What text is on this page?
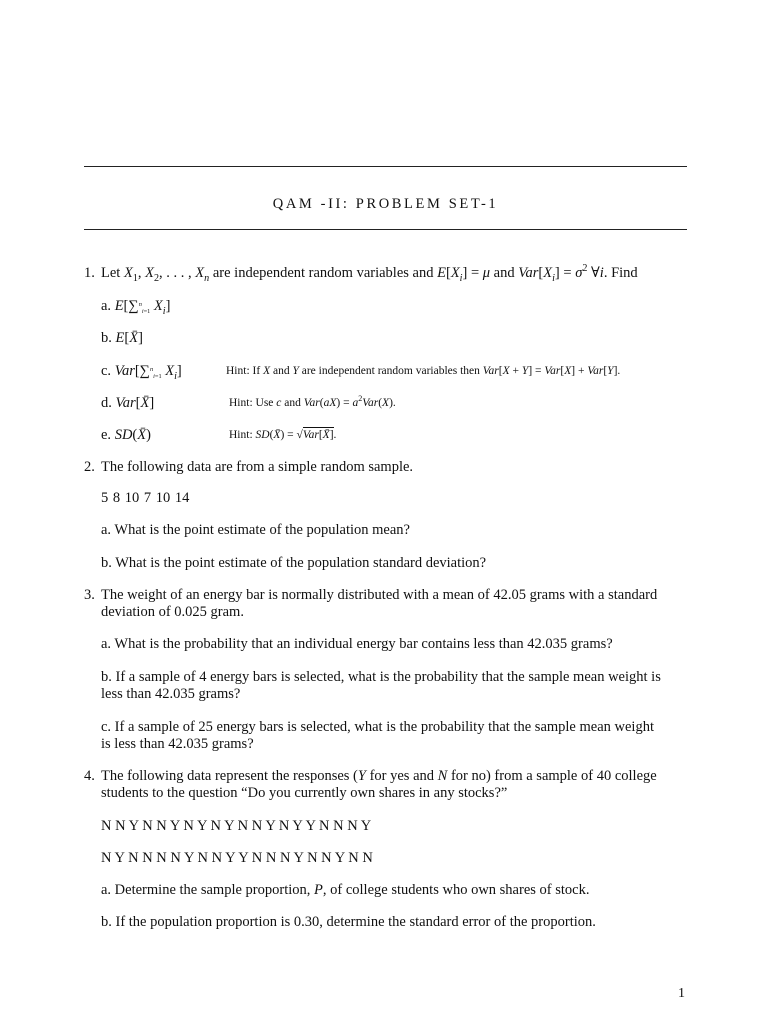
QAM -II: PROBLEM SET-1
1. Let $X_1$, $X_2$, . . . , $X_n$ are independent random variables and $E[X_i] = \mu$ and $Var[X_i] = \sigma^2$ ∀i. Find
a. E[∑$^n_{i=1}$ $X_i$]
b. E[X̄]
c. Var[∑$^n_{i=1}$ $X_i$]	Hint: If X and Y are independent random variables then Var[X + Y] = Var[X] + Var[Y].
d. Var[X̄]	Hint: Use c and $Var(aX) = a^2Var(X)$.
e. SD(X̄)	Hint: SD(X̄) = √Var[X̄].
2. The following data are from a simple random sample.
5 8 10 7 10 14
a. What is the point estimate of the population mean?
b. What is the point estimate of the population standard deviation?
3. The weight of an energy bar is normally distributed with a mean of 42.05 grams with a standard
deviation of 0.025 gram.
a. What is the probability that an individual energy bar contains less than 42.035 grams?
b. If a sample of 4 energy bars is selected, what is the probability that the sample mean weight is
less than 42.035 grams?
c. If a sample of 25 energy bars is selected, what is the probability that the sample mean weight
is less than 42.035 grams?
4. The following data represent the responses (Y for yes and N for no) from a sample of 40 college
students to the question “Do you currently own shares in any stocks?”
N N Y N N Y N Y N Y N N Y N Y Y N N N Y
N Y N N N N Y N N Y Y N N N Y N N Y N N
a. Determine the sample proportion, P, of college students who own shares of stock.
b. If the population proportion is 0.30, determine the standard error of the proportion.
1
